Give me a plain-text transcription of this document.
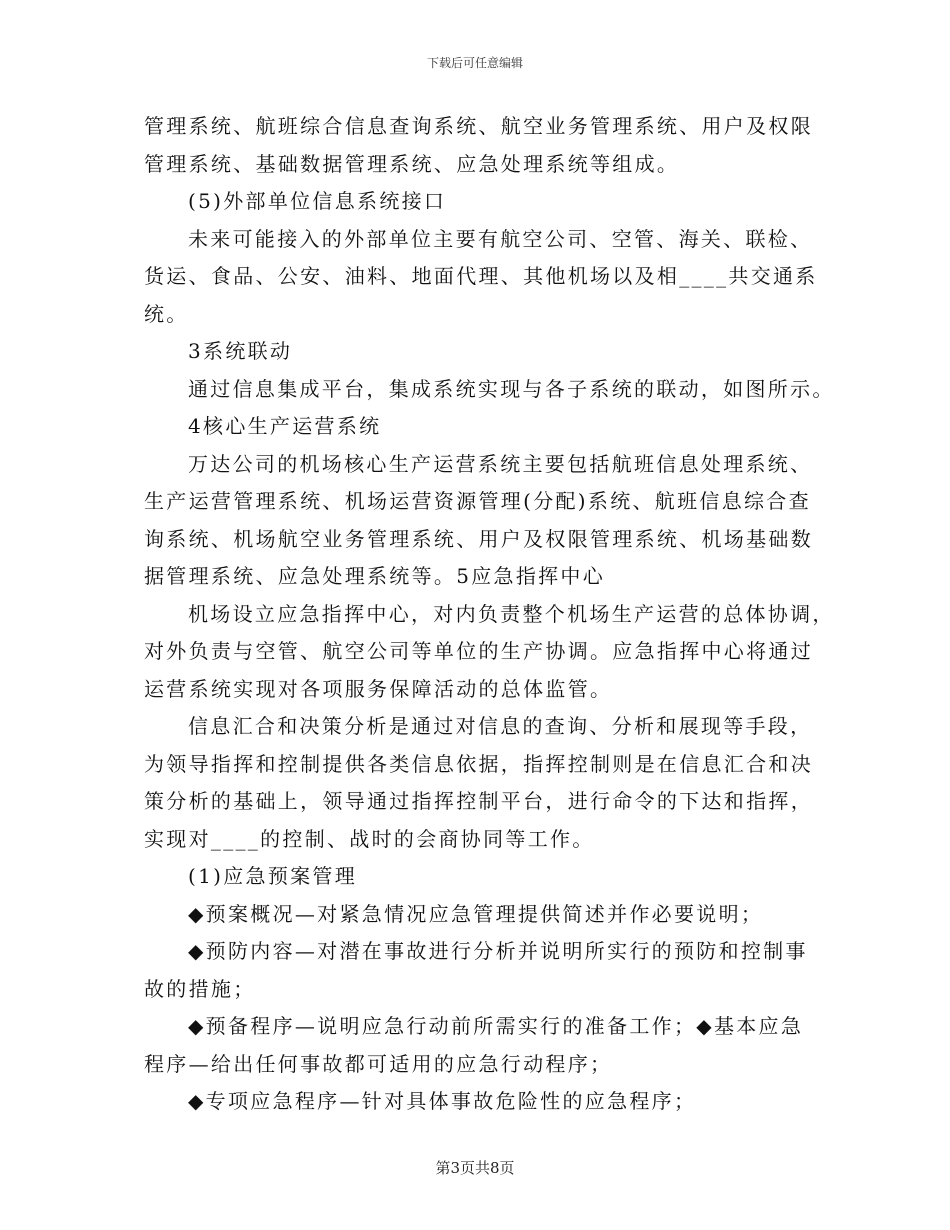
下载后可任意编辑

管理系统、航班综合信息查询系统、航空业务管理系统、用户及权限

管理系统、基础数据管理系统、应急处理系统等组成。

(5)外部单位信息系统接口

未来可能接入的外部单位主要有航空公司、空管、海关、联检、

货运、食品、公安、油料、地面代理、其他机场以及相____共交通系

统。

3系统联动

通过信息集成平台，集成系统实现与各子系统的联动，如图所示。

4核心生产运营系统

万达公司的机场核心生产运营系统主要包括航班信息处理系统、

生产运营管理系统、机场运营资源管理(分配)系统、航班信息综合查

询系统、机场航空业务管理系统、用户及权限管理系统、机场基础数

据管理系统、应急处理系统等。5应急指挥中心

机场设立应急指挥中心，对内负责整个机场生产运营的总体协调，

对外负责与空管、航空公司等单位的生产协调。应急指挥中心将通过

运营系统实现对各项服务保障活动的总体监管。

信息汇合和决策分析是通过对信息的查询、分析和展现等手段，

为领导指挥和控制提供各类信息依据，指挥控制则是在信息汇合和决

策分析的基础上，领导通过指挥控制平台，进行命令的下达和指挥，

实现对____的控制、战时的会商协同等工作。

(1)应急预案管理

◆预案概况—对紧急情况应急管理提供简述并作必要说明；

◆预防内容—对潜在事故进行分析并说明所实行的预防和控制事

故的措施；

◆预备程序—说明应急行动前所需实行的准备工作；◆基本应急

程序—给出任何事故都可适用的应急行动程序；

◆专项应急程序—针对具体事故危险性的应急程序；

第3页共8页
